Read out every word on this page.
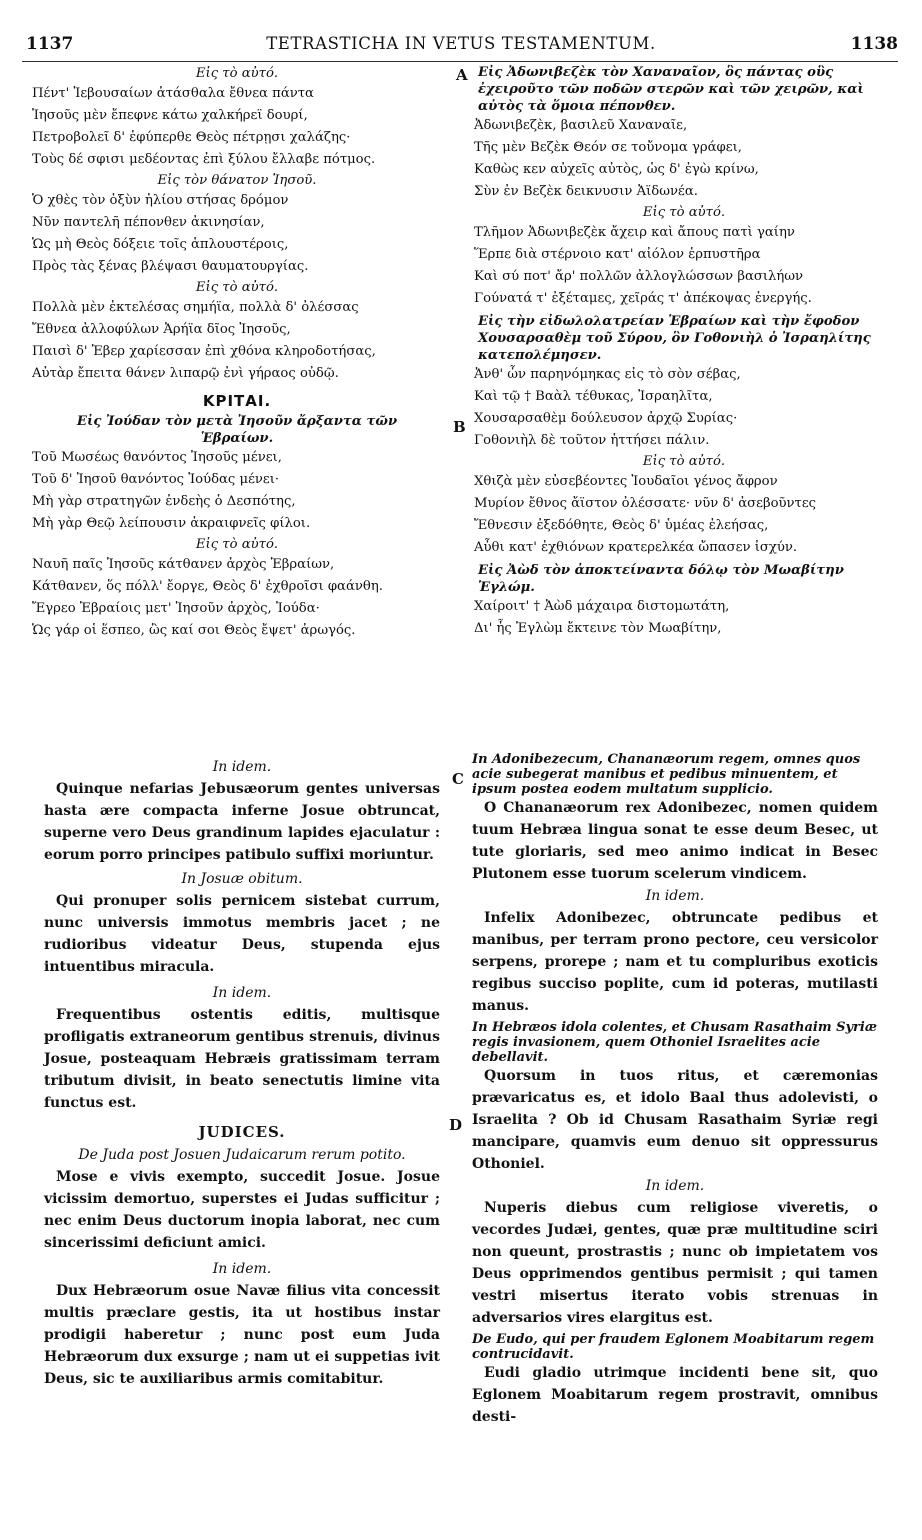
1137	TETRASTICHA IN VETUS TESTAMENTUM.	1138
A
B
C
D
Εἰς τὸ αὐτό.
Πέντ' Ἰεβουσαίων ἀτάσθαλα ἔθνεα πάντα
Ἰησοῦς μὲν ἔπεφνε κάτω χαλκήρεϊ δουρί,
Πετροβολεῖ δ' ἐφύπερθε Θεὸς πέτρῃσι χαλάζης·
Τοὺς δέ σφισι μεδέοντας ἐπὶ ξύλου ἔλλαβε πότμος.
Εἰς τὸν θάνατον Ἰησοῦ.
Ὁ χθὲς τὸν ὀξὺν ἡλίου στήσας δρόμον
Νῦν παντελῆ πέπονθεν ἀκινησίαν,
Ὡς μὴ Θεὸς δόξειε τοῖς ἁπλουστέροις,
Πρὸς τὰς ξένας βλέψασι θαυματουργίας.
Εἰς τὸ αὐτό.
Πολλὰ μὲν ἐκτελέσας σημήϊα, πολλὰ δ' ὀλέσσας
Ἔθνεα ἀλλοφύλων Ἀρήϊα δῖος Ἰησοῦς,
Παισὶ δ' Ἑβερ χαρίεσσαν ἐπὶ χθόνα κληροδοτήσας,
Αὐτὰρ ἔπειτα θάνεν λιπαρῷ ἐνὶ γήραος οὐδῷ.
ΚΡΙΤΑΙ.
Εἰς Ἰούδαν τὸν μετὰ Ἰησοῦν ἄρξαντα τῶν Ἑβραίων.
Τοῦ Μωσέως θανόντος Ἰησοῦς μένει,
Τοῦ δ' Ἰησοῦ θανόντος Ἰούδας μένει·
Μὴ γὰρ στρατηγῶν ἐνδεὴς ὁ Δεσπότης,
Μὴ γὰρ Θεῷ λείπουσιν ἀκραιφνεῖς φίλοι.
Εἰς τὸ αὐτό.
Ναυῆ παῖς Ἰησοῦς κάτθανεν ἀρχὸς Ἑβραίων,
Κάτθανεν, ὅς πόλλ' ἔοργε, Θεὸς δ' ἐχθροῖσι φαάνθη.
Ἔγρεο Ἑβραίοις μετ' Ἰησοῦν ἀρχὸς, Ἰούδα·
Ὡς γάρ οἱ ἕσπεο, ὣς καί σοι Θεὸς ἔψετ' ἀρωγός.
Εἰς Ἀδωνιβεζὲκ τὸν Χαναναῖον, ὃς πάντας οὓς ἐχειροῦτο τῶν ποδῶν στερῶν καὶ τῶν χειρῶν, καὶ αὐτὸς τὰ ὅμοια πέπονθεν.
Ἀδωνιβεζὲκ, βασιλεῦ Χαναναῖε,
Τῆς μὲν Βεζὲκ Θεόν σε τοὔνομα γράφει,
Καθὼς κεν αὐχεῖς αὐτὸς, ὡς δ' ἐγὼ κρίνω,
Σὺν ἐν Βεζὲκ δεικνυσιν Ἀϊδωνέα.
Εἰς τὸ αὐτό.
Τλῆμον Ἀδωνιβεζὲκ ἄχειρ καὶ ἄπους πατὶ γαίην
Ἕρπε διὰ στέρνοιο κατ' αἰόλον ἑρπυστῆρα
Καὶ σύ ποτ' ἄρ' πολλῶν ἀλλογλώσσων βασιλήων
Γούνατά τ' ἐξέταμες, χεῖράς τ' ἀπέκοψας ἐνεργής.
Εἰς τὴν εἰδωλολατρείαν Ἑβραίων καὶ τὴν ἔφοδον Χουσαρσαθὲμ τοῦ Σύρου, ὃν Γοθονιὴλ ὁ Ἰσραηλίτης κατεπολέμησεν.
Ἀνθ' ὧν παρηνόμηκας εἰς τὸ σὸν σέβας,
Καὶ τῷ † Βαὰλ τέθυκας, Ἰσραηλῖτα,
Χουσαρσαθὲμ δούλευσον ἀρχῷ Συρίας·
Γοθονιὴλ δὲ τοῦτον ἡττήσει πάλιν.
Εἰς τὸ αὐτό.
Χθιζὰ μὲν εὐσεβέοντες Ἰουδαῖοι γένος ἄφρον
Μυρίον ἔθνος ἄϊστον ὀλέσσατε· νῦν δ' ἀσεβοῦντες
Ἔθνεσιν ἐξεδόθητε, Θεὸς δ' ὑμέας ἐλεήσας,
Αὖθι κατ' ἐχθιόνων κρατερελκέα ὤπασεν ἰσχύν.
Εἰς Ἀὼδ τὸν ἀποκτείναντα δόλῳ τὸν Μωαβίτην Ἐγλώμ.
Χαίροιτ' † Ἀὼδ μάχαιρα διστομωτάτη,
Δι' ἧς Ἐγλὼμ ἔκτεινε τὸν Μωαβίτην,
In idem.
Quinque nefarias Jebusæorum gentes universas hasta ære compacta inferne Josue obtruncat, superne vero Deus grandinum lapides ejaculatur : eorum porro principes patibulo suffixi moriuntur.
In Josuæ obitum.
Qui pronuper solis pernicem sistebat currum, nunc universis immotus membris jacet ; ne rudioribus videatur Deus, stupenda ejus intuentibus miracula.
In idem.
Frequentibus ostentis editis, multisque profligatis extraneorum gentibus strenuis, divinus Josue, posteaquam Hebræis gratissimam terram tributum divisit, in beato senectutis limine vita functus est.
JUDICES.
De Juda post Josuen Judaicarum rerum potito.
Mose e vivis exempto, succedit Josue. Josue vicissim demortuo, superstes ei Judas sufficitur ; nec enim Deus ductorum inopia laborat, nec cum sincerissimi deficiunt amici.
In idem.
Dux Hebræorum osue Navæ filius vita concessit multis præclare gestis, ita ut hostibus instar prodigii haberetur ; nunc post eum Juda Hebræorum dux exsurge ; nam ut ei suppetias ivit Deus, sic te auxiliaribus armis comitabitur.
In Adonibezecum, Chananæorum regem, omnes quos acie subegerat manibus et pedibus minuentem, et ipsum postea eodem multatum supplicio.
O Chananæorum rex Adonibezec, nomen quidem tuum Hebræa lingua sonat te esse deum Besec, ut tute gloriaris, sed meo animo indicat in Besec Plutonem esse tuorum scelerum vindicem.
In idem.
Infelix Adonibezec, obtruncate pedibus et manibus, per terram prono pectore, ceu versicolor serpens, prorepe ; nam et tu compluribus exoticis regibus succiso poplite, cum id poteras, mutilasti manus.
In Hebræos idola colentes, et Chusam Rasathaim Syriæ regis invasionem, quem Othoniel Israelites acie debellavit.
Quorsum in tuos ritus, et cæremonias prævaricatus es, et idolo Baal thus adolevisti, o Israelita ? Ob id Chusam Rasathaim Syriæ regi mancipare, quamvis eum denuo sit oppressurus Othoniel.
In idem.
Nuperis diebus cum religiose viveretis, o vecordes Judæi, gentes, quæ præ multitudine sciri non queunt, prostrastis ; nunc ob impietatem vos Deus opprimendos gentibus permisit ; qui tamen vestri misertus iterato vobis strenuas in adversarios vires elargitus est.
De Eudo, qui per fraudem Eglonem Moabitarum regem contrucidavit.
Eudi gladio utrimque incidenti bene sit, quo Eglonem Moabitarum regem prostravit, omnibus desti-
